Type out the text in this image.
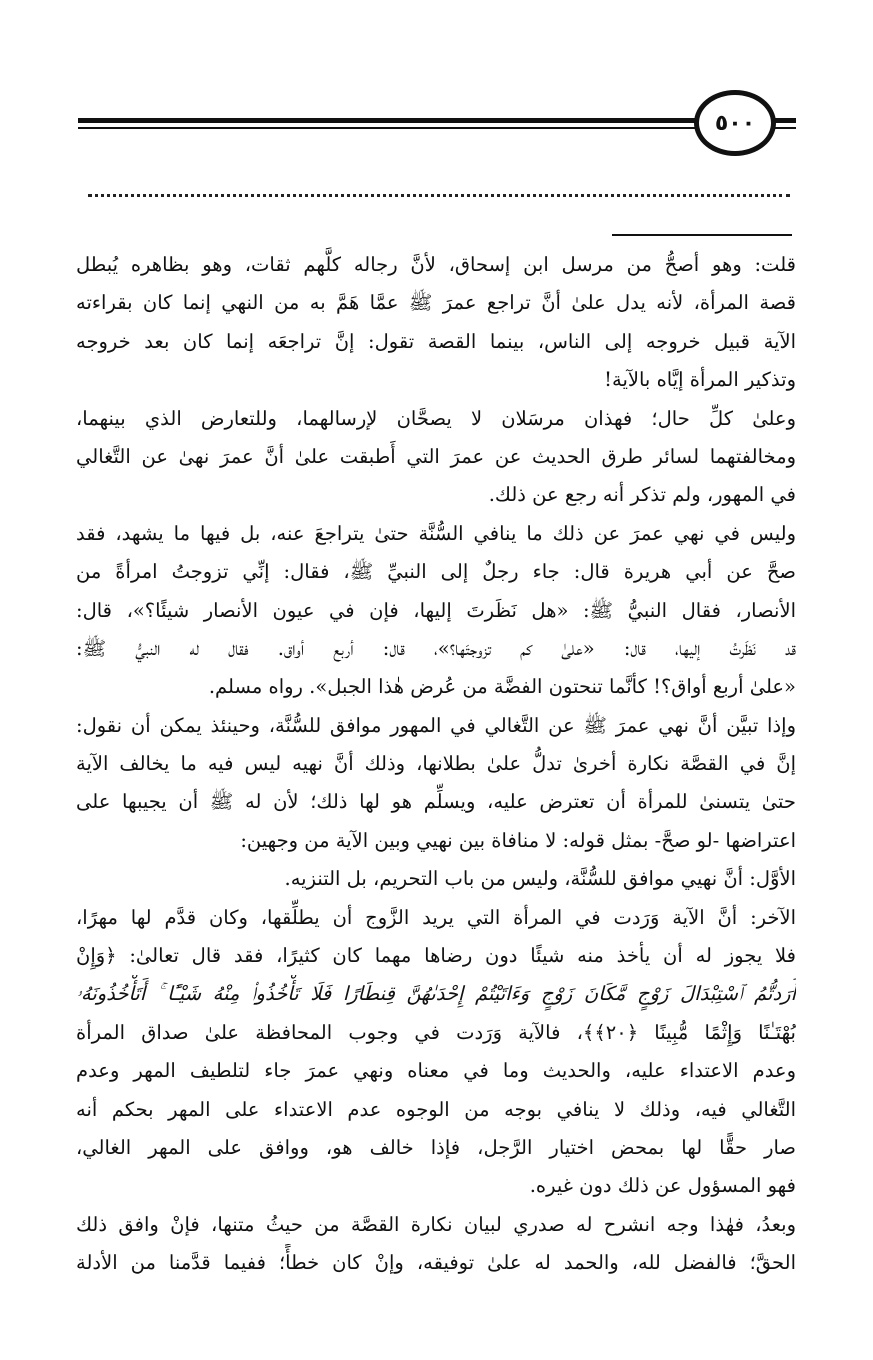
٥٠٠
قلت: وهو أصحُّ من مرسل ابن إسحاق، لأنَّ رجاله كلَّهم ثقات، وهو بظاهره يُبطل
قصة المرأة، لأنه يدل علىٰ أنَّ تراجع عمرَ ﷺ عمَّا هَمَّ به من النهي إنما كان بقراءته
الآية قبيل خروجه إلى الناس، بينما القصة تقول: إنَّ تراجعَه إنما كان بعد خروجه
وتذكير المرأة إيَّاه بالآية!
وعلىٰ كلِّ حال؛ فهذان مرسَلان لا يصحَّان لإرسالهما، وللتعارض الذي بينهما،
ومخالفتهما لسائر طرق الحديث عن عمرَ التي أَطبقت علىٰ أنَّ عمرَ نهىٰ عن التَّغالي
في المهور، ولم تذكر أنه رجع عن ذلك.
وليس في نهي عمرَ عن ذلك ما ينافي السُّنَّة حتىٰ يتراجعَ عنه، بل فيها ما يشهد، فقد
صحَّ عن أبي هريرة قال: جاء رجلٌ إلى النبيِّ ﷺ، فقال: إنِّي تزوجتُ امرأةً من
الأنصار، فقال النبيُّ ﷺ: «هل نَظَرتَ إليها، فإن في عيون الأنصار شيئًا؟»، قال:
قد نَظَرتُ إليها، قال: «علىٰ كم تزوجتَها؟»، قال: أربع أواق. فقال له النبيُّ ﷺ:
«علىٰ أربع أواق؟! كأنَّما تنحتون الفضَّة من عُرض هٰذا الجبل». رواه مسلم.
وإذا تبيَّن أنَّ نهي عمرَ ﷺ عن التَّغالي في المهور موافق للسُّنَّة، وحينئذ يمكن أن نقول:
إنَّ في القصَّة نكارة أخرىٰ تدلُّ علىٰ بطلانها، وذلك أنَّ نهيه ليس فيه ما يخالف الآية
حتىٰ يتسنىٰ للمرأة أن تعترض عليه، ويسلِّم هو لها ذلك؛ لأن له ﷺ أن يجيبها على
اعتراضها -لو صحَّ- بمثل قوله: لا منافاة بين نهيي وبين الآية من وجهين:
الأوَّل: أنَّ نهيي موافق للسُّنَّة، وليس من باب التحريم، بل التنزيه.
الآخر: أنَّ الآية وَرَدت في المرأة التي يريد الزَّوج أن يطلِّقها، وكان قدَّم لها مهرًا،
فلا يجوز له أن يأخذ منه شيئًا دون رضاها مهما كان كثيرًا، فقد قال تعالىٰ: ﴿وَإِنْ
أَرَدتُّمُ ٱسْتِبْدَالَ زَوْجٍ مَّكَانَ زَوْجٍ وَءَاتَيْتُمْ إِحْدَىٰهُنَّ قِنطَارًا فَلَا تَأْخُذُوا۟ مِنْهُ شَيْـًٔا ۚ أَتَأْخُذُونَهُۥ
بُهْتَـٰنًا وَإِثْمًا مُّبِينًا ﴿٢٠﴾﴾، فالآية وَرَدت في وجوب المحافظة علىٰ صداق المرأة
وعدم الاعتداء عليه، والحديث وما في معناه ونهي عمرَ جاء لتلطيف المهر وعدم
التَّغالي فيه، وذلك لا ينافي بوجه من الوجوه عدم الاعتداء على المهر بحكم أنه
صار حقًّا لها بمحض اختيار الرَّجل، فإذا خالف هو، ووافق على المهر الغالي،
فهو المسؤول عن ذلك دون غيره.
وبعدُ، فهٰذا وجه انشرح له صدري لبيان نكارة القصَّة من حيثُ متنها، فإنْ وافق ذلك
الحقَّ؛ فالفضل لله، والحمد له علىٰ توفيقه، وإنْ كان خطأً؛ ففيما قدَّمنا من الأدلة
